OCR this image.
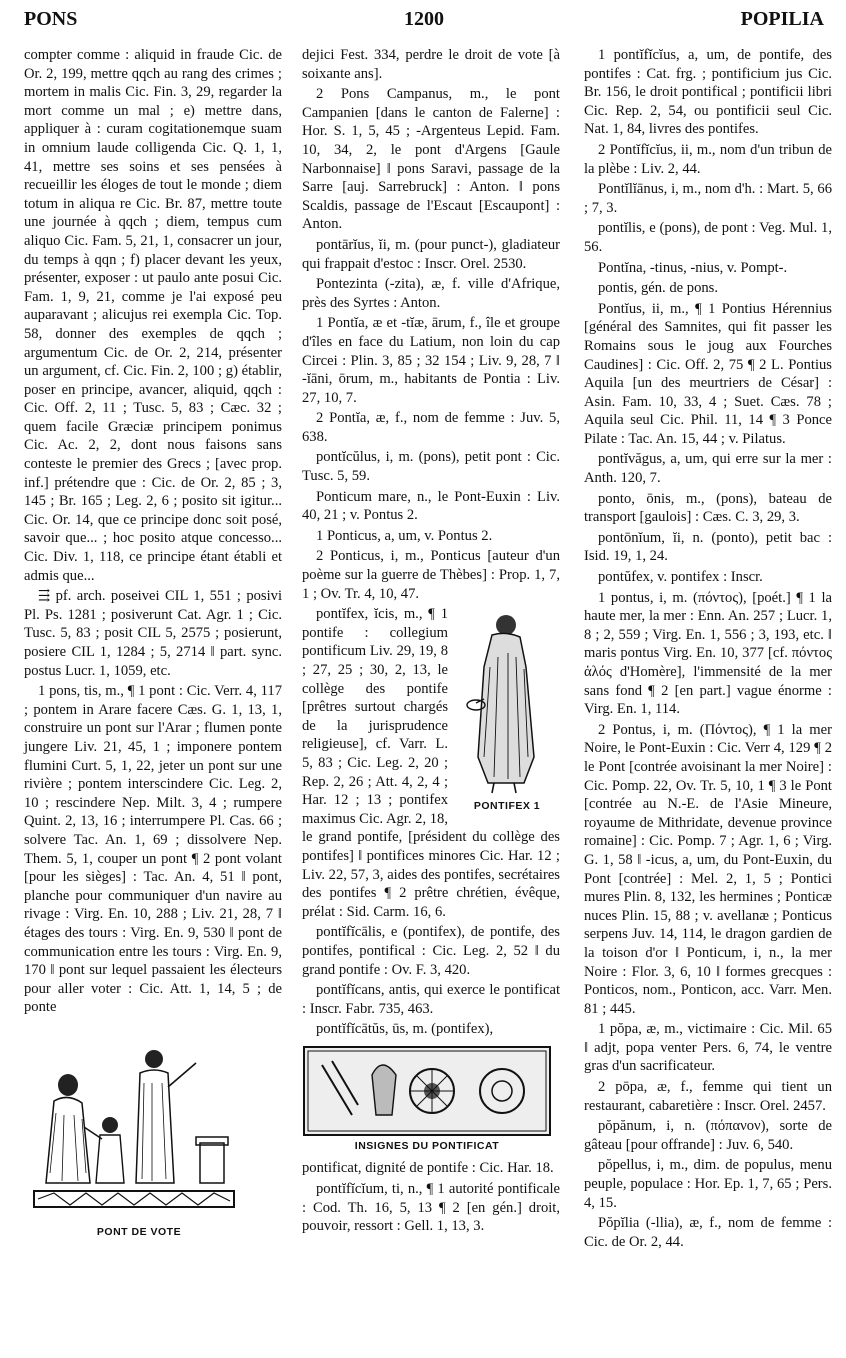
PONS	1200	POPILIA

compter comme : aliquid in fraude Cic. de Or. 2, 199, mettre qqch au rang des crimes ; mortem in malis Cic. Fin. 3, 29, regarder la mort comme un mal ; e) mettre dans, appliquer à : curam cogitationemque suam in omnium laude colligenda Cic. Q. 1, 1, 41, mettre ses soins et ses pensées à recueillir les éloges de tout le monde ; diem totum in aliqua re Cic. Br. 87, mettre toute une journée à qqch ; diem, tempus cum aliquo Cic. Fam. 5, 21, 1, consacrer un jour, du temps à qqn ; f) placer devant les yeux, présenter, exposer : ut paulo ante posui Cic. Fam. 1, 9, 21, comme je l'ai exposé peu auparavant ; alicujus rei exempla Cic. Top. 58, donner des exemples de qqch ; argumentum Cic. de Or. 2, 214, présenter un argument, cf. Cic. Fin. 2, 100 ; g) établir, poser en principe, avancer, aliquid, qqch : Cic. Off. 2, 11 ; Tusc. 5, 83 ; Cæc. 32 ; quem facile Græciæ principem ponimus Cic. Ac. 2, 2, dont nous faisons sans conteste le premier des Grecs ; [avec prop. inf.] prétendre que : Cic. de Or. 2, 85 ; 3, 145 ; Br. 165 ; Leg. 2, 6 ; posito sit igitur... Cic. Or. 14, que ce principe donc soit posé, savoir que... ; hoc posito atque concesso... Cic. Div. 1, 118, ce principe étant établi et admis que...

⇶ pf. arch. poseivei CIL 1, 551 ; posivi Pl. Ps. 1281 ; posiverunt Cat. Agr. 1 ; Cic. Tusc. 5, 83 ; posit CIL 5, 2575 ; posierunt, posiere CIL 1, 1284 ; 5, 2714 ‖ part. sync. postus Lucr. 1, 1059, etc.

1 pons, tis, m., ¶ 1 pont : Cic. Verr. 4, 117 ; pontem in Arare facere Cæs. G. 1, 13, 1, construire un pont sur l'Arar ; flumen ponte jungere Liv. 21, 45, 1 ; imponere pontem flumini Curt. 5, 1, 22, jeter un pont sur une rivière ; pontem interscindere Cic. Leg. 2, 10 ; rescindere Nep. Milt. 3, 4 ; rumpere Quint. 2, 13, 16 ; interrumpere Pl. Cas. 66 ; solvere Tac. An. 1, 69 ; dissolvere Nep. Them. 5, 1, couper un pont ¶ 2 pont volant [pour les sièges] : Tac. An. 4, 51 ‖ pont, planche pour communiquer d'un navire au rivage : Virg. En. 10, 288 ; Liv. 21, 28, 7 ‖ étages des tours : Virg. En. 9, 530 ‖ pont de communication entre les tours : Virg. En. 9, 170 ‖ pont sur lequel passaient les électeurs pour aller voter : Cic. Att. 1, 14, 5 ; de ponte

PONT DE VOTE

dejici Fest. 334, perdre le droit de vote [à soixante ans].

2 Pons Campanus, m., le pont Campanien [dans le canton de Falerne] : Hor. S. 1, 5, 45 ; -Argenteus Lepid. Fam. 10, 34, 2, le pont d'Argens [Gaule Narbonnaise] ‖ pons Saravi, passage de la Sarre [auj. Sarrebruck] : Anton. ‖ pons Scaldis, passage de l'Escaut [Escaupont] : Anton.

pontārĭus, ĭi, m. (pour punct-), gladiateur qui frappait d'estoc : Inscr. Orel. 2530.

Pontezinta (-zita), æ, f. ville d'Afrique, près des Syrtes : Anton.

1 Pontĭa, æ et -tĭæ, ārum, f., île et groupe d'îles en face du Latium, non loin du cap Circei : Plin. 3, 85 ; 32 154 ; Liv. 9, 28, 7 ‖ -ĭāni, ōrum, m., habitants de Pontia : Liv. 27, 10, 7.

2 Pontĭa, æ, f., nom de femme : Juv. 5, 638.

pontĭcŭlus, i, m. (pons), petit pont : Cic. Tusc. 5, 59.

Ponticum mare, n., le Pont-Euxin : Liv. 40, 21 ; v. Pontus 2.

1 Ponticus, a, um, v. Pontus 2.

2 Ponticus, i, m., Ponticus [auteur d'un poème sur la guerre de Thèbes] : Prop. 1, 7, 1 ; Ov. Tr. 4, 10, 47.

PONTIFEX 1

pontĭfex, ĭcis, m., ¶ 1 pontife : collegium pontificum Liv. 29, 19, 8 ; 27, 25 ; 30, 2, 13, le collège des pontife [prêtres surtout chargés de la jurisprudence religieuse], cf. Varr. L. 5, 83 ; Cic. Leg. 2, 20 ; Rep. 2, 26 ; Att. 4, 2, 4 ; Har. 12 ; 13 ; pontifex maximus Cic. Agr. 2, 18, le grand pontife, [président du collège des pontifes] ‖ pontifices minores Cic. Har. 12 ; Liv. 22, 57, 3, aides des pontifes, secrétaires des pontifes ¶ 2 prêtre chrétien, évêque, prélat : Sid. Carm. 16, 6.

pontĭfĭcālis, e (pontifex), de pontife, des pontifes, pontifical : Cic. Leg. 2, 52 ‖ du grand pontife : Ov. F. 3, 420.

pontĭfĭcans, antis, qui exerce le pontificat : Inscr. Fabr. 735, 463.

pontĭfĭcātŭs, ūs, m. (pontifex),

INSIGNES DU PONTIFICAT

pontificat, dignité de pontife : Cic. Har. 18.

pontĭfĭcĭum, ti, n., ¶ 1 autorité pontificale : Cod. Th. 16, 5, 13 ¶ 2 [en gén.] droit, pouvoir, ressort : Gell. 1, 13, 3.

1 pontĭfĭcĭus, a, um, de pontife, des pontifes : Cat. frg. ; pontificium jus Cic. Br. 156, le droit pontifical ; pontificii libri Cic. Rep. 2, 54, ou pontificii seul Cic. Nat. 1, 84, livres des pontifes.

2 Pontĭfĭcĭus, ii, m., nom d'un tribun de la plèbe : Liv. 2, 44.

Pontĭlĭānus, i, m., nom d'h. : Mart. 5, 66 ; 7, 3.

pontĭlis, e (pons), de pont : Veg. Mul. 1, 56.

Pontĭna, -tinus, -nius, v. Pompt-.

pontis, gén. de pons.

Pontĭus, ii, m., ¶ 1 Pontius Hérennius [général des Samnites, qui fit passer les Romains sous le joug aux Fourches Caudines] : Cic. Off. 2, 75 ¶ 2 L. Pontius Aquila [un des meurtriers de César] : Asin. Fam. 10, 33, 4 ; Suet. Cæs. 78 ; Aquila seul Cic. Phil. 11, 14 ¶ 3 Ponce Pilate : Tac. An. 15, 44 ; v. Pilatus.

pontĭvăgus, a, um, qui erre sur la mer : Anth. 120, 7.

ponto, ōnis, m., (pons), bateau de transport [gaulois] : Cæs. C. 3, 29, 3.

pontōnĭum, ĭi, n. (ponto), petit bac : Isid. 19, 1, 24.

pontŭfex, v. pontifex : Inscr.

1 pontus, i, m. (πόντος), [poét.] ¶ 1 la haute mer, la mer : Enn. An. 257 ; Lucr. 1, 8 ; 2, 559 ; Virg. En. 1, 556 ; 3, 193, etc. ‖ maris pontus Virg. En. 10, 377 [cf. πόντος ἁλός d'Homère], l'immensité de la mer sans fond ¶ 2 [en part.] vague énorme : Virg. En. 1, 114.

2 Pontus, i, m. (Πόντος), ¶ 1 la mer Noire, le Pont-Euxin : Cic. Verr 4, 129 ¶ 2 le Pont [contrée avoisinant la mer Noire] : Cic. Pomp. 22, Ov. Tr. 5, 10, 1 ¶ 3 le Pont [contrée au N.-E. de l'Asie Mineure, royaume de Mithridate, devenue province romaine] : Cic. Pomp. 7 ; Agr. 1, 6 ; Virg. G. 1, 58 ‖ -icus, a, um, du Pont-Euxin, du Pont [contrée] : Mel. 2, 1, 5 ; Pontici mures Plin. 8, 132, les hermines ; Ponticæ nuces Plin. 15, 88 ; v. avellanæ ; Ponticus serpens Juv. 14, 114, le dragon gardien de la toison d'or ‖ Ponticum, i, n., la mer Noire : Flor. 3, 6, 10 ‖ formes grecques : Ponticos, nom., Ponticon, acc. Varr. Men. 81 ; 445.

1 pŏpa, æ, m., victimaire : Cic. Mil. 65 ‖ adjt, popa venter Pers. 6, 74, le ventre gras d'un sacrificateur.

2 pōpa, æ, f., femme qui tient un restaurant, cabaretière : Inscr. Orel. 2457.

pŏpănum, i, n. (πόπανον), sorte de gâteau [pour offrande] : Juv. 6, 540.

pŏpellus, i, m., dim. de populus, menu peuple, populace : Hor. Ep. 1, 7, 65 ; Pers. 4, 15.

Pŏpĭlia (-llia), æ, f., nom de femme : Cic. de Or. 2, 44.
